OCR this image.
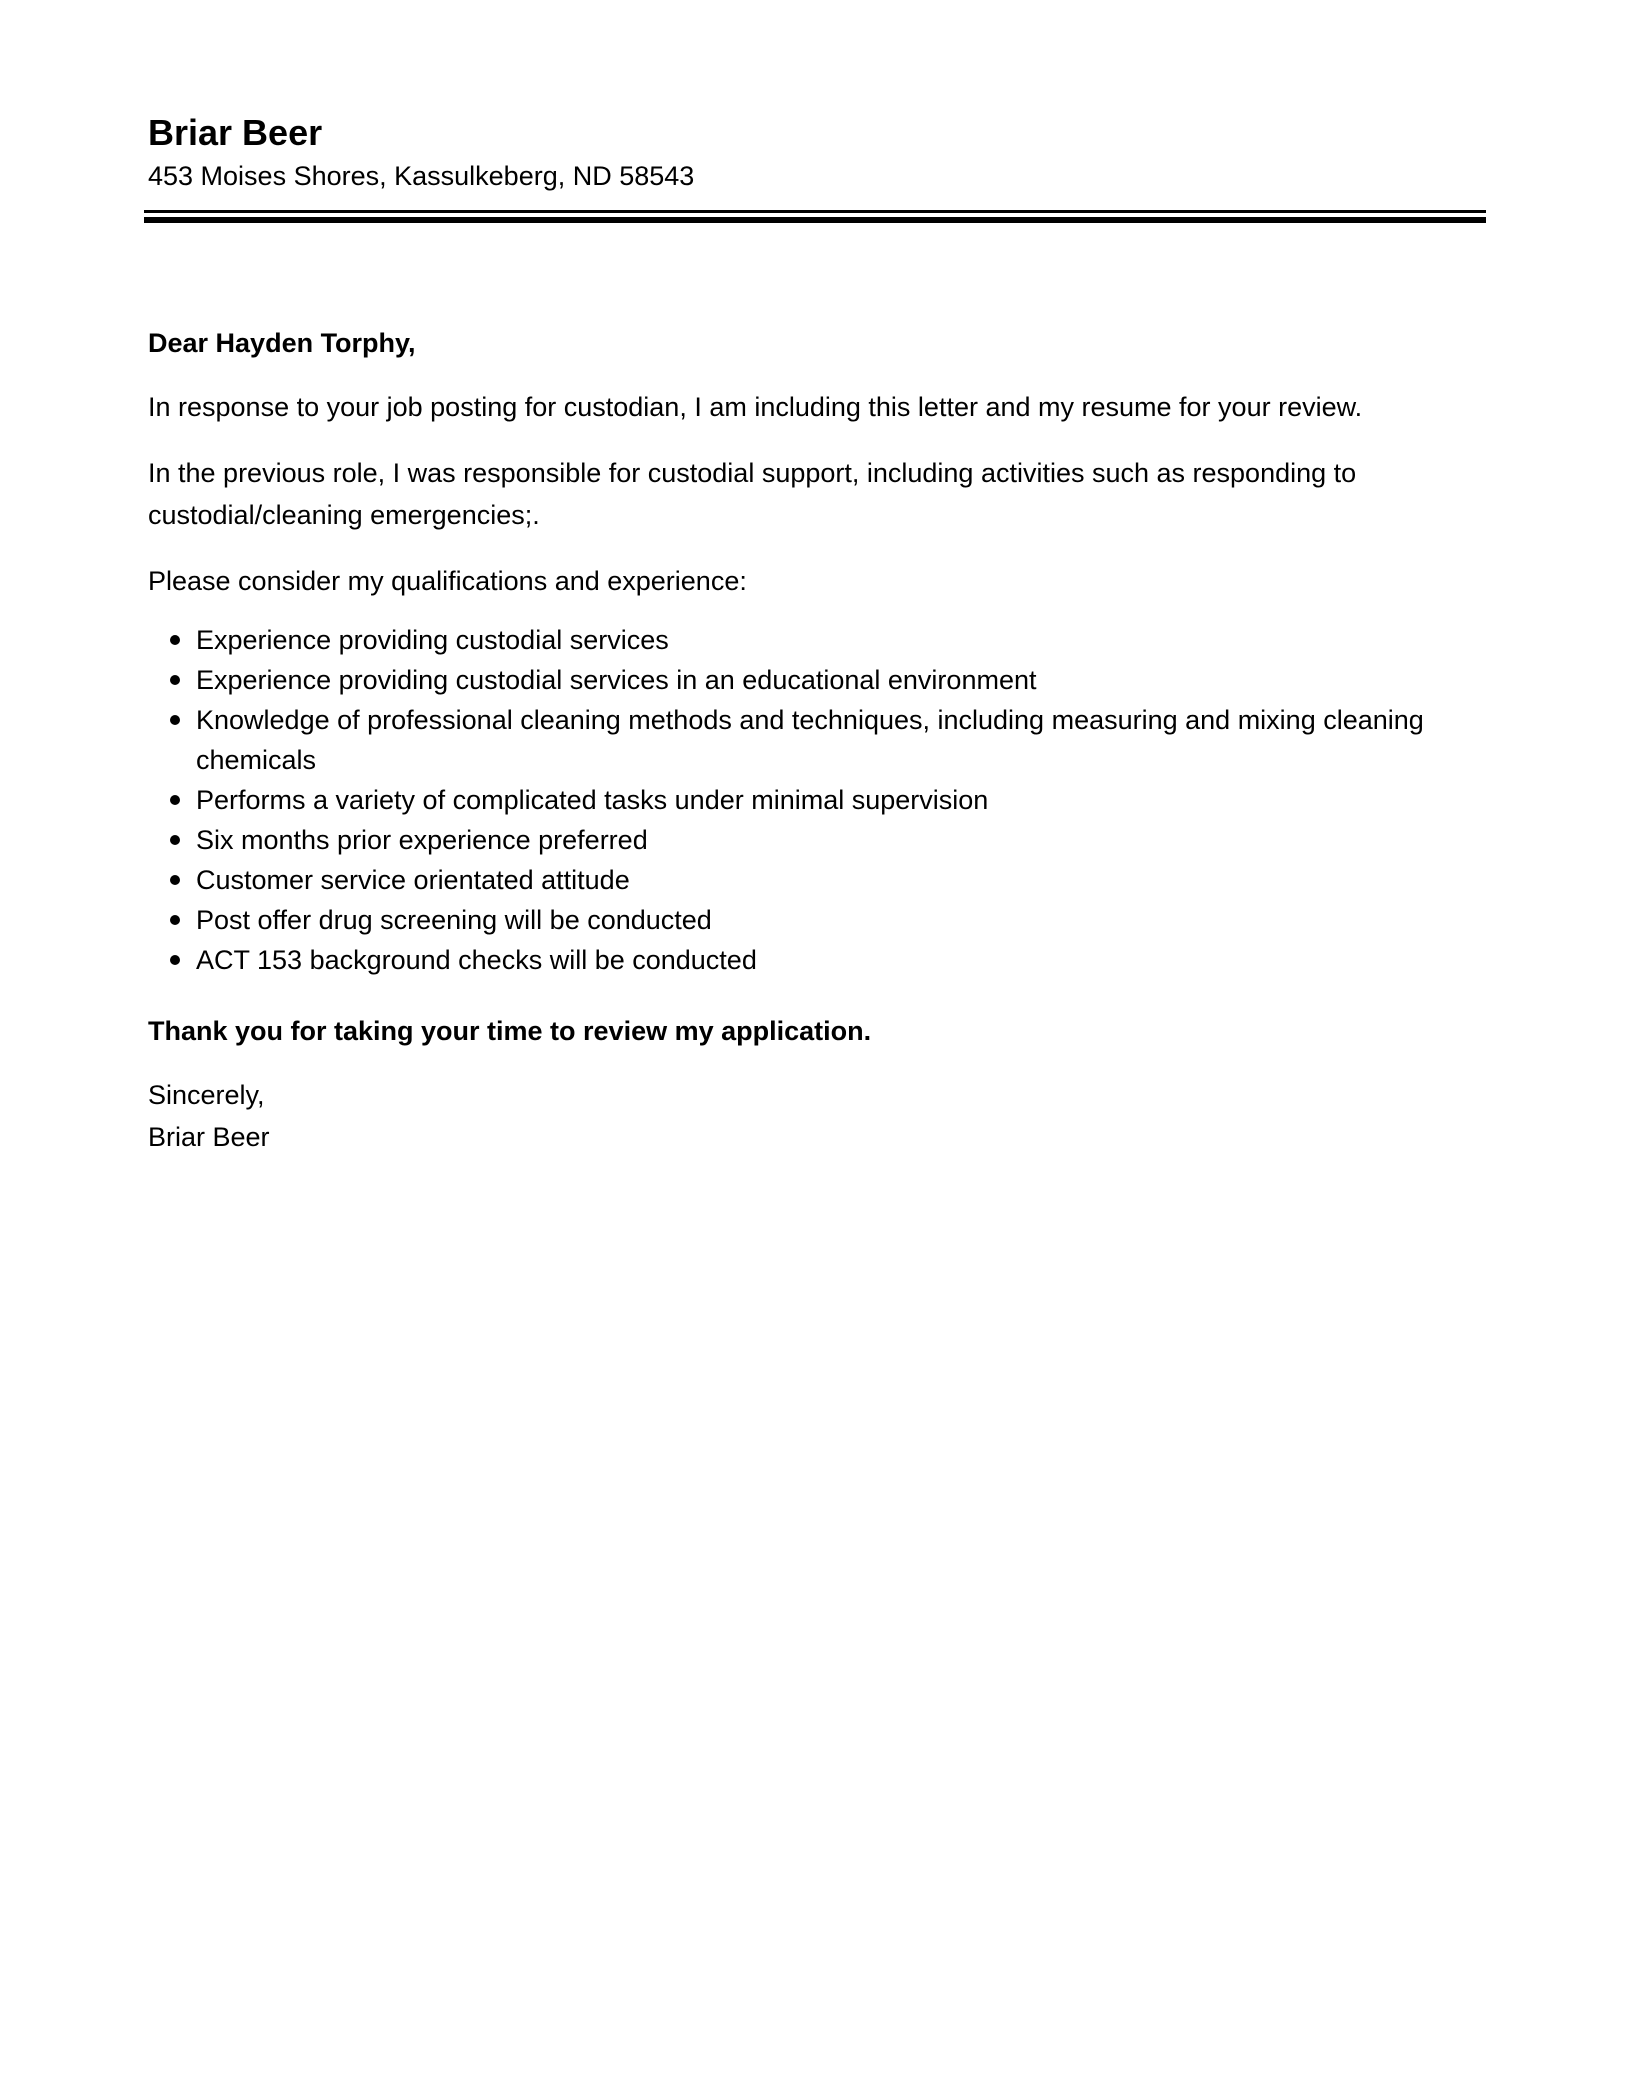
Briar Beer

453 Moises Shores, Kassulkeberg, ND 58543

Dear Hayden Torphy,

In response to your job posting for custodian, I am including this letter and my resume for your review.

In the previous role, I was responsible for custodial support, including activities such as responding to custodial/cleaning emergencies;.

Please consider my qualifications and experience:

Experience providing custodial services
Experience providing custodial services in an educational environment
Knowledge of professional cleaning methods and techniques, including measuring and mixing cleaning chemicals
Performs a variety of complicated tasks under minimal supervision
Six months prior experience preferred
Customer service orientated attitude
Post offer drug screening will be conducted
ACT 153 background checks will be conducted

Thank you for taking your time to review my application.

Sincerely,

Briar Beer
